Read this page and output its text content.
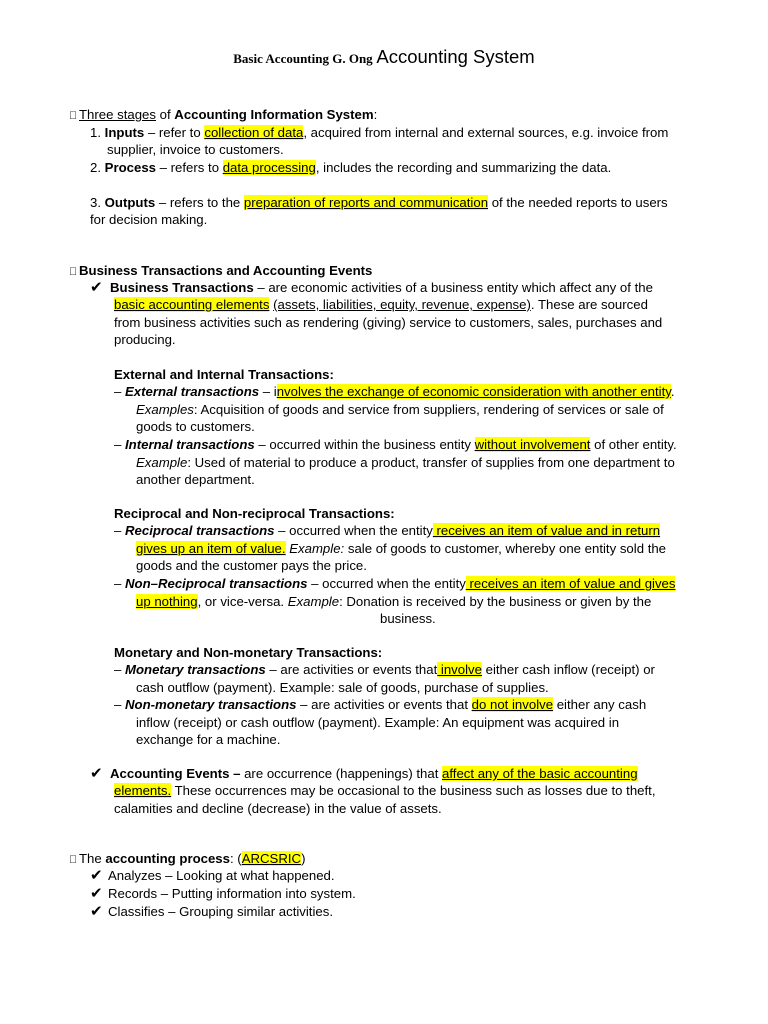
Basic Accounting G. Ong Accounting System
Three stages of Accounting Information System:
1. Inputs – refer to collection of data, acquired from internal and external sources, e.g. invoice from
supplier, invoice to customers.
2. Process – refers to data processing, includes the recording and summarizing the data.
3. Outputs – refers to the preparation of reports and communication of the needed reports to users
for decision making.
Business Transactions and Accounting Events
✔ Business Transactions – are economic activities of a business entity which affect any of the
basic accounting elements (assets, liabilities, equity, revenue, expense). These are sourced
from business activities such as rendering (giving) service to customers, sales, purchases and
producing.
External and Internal Transactions:
– External transactions – involves the exchange of economic consideration with another entity.
Examples: Acquisition of goods and service from suppliers, rendering of services or sale of
goods to customers.
– Internal transactions – occurred within the business entity without involvement of other entity.
Example: Used of material to produce a product, transfer of supplies from one department to
another department.
Reciprocal and Non-reciprocal Transactions:
– Reciprocal transactions – occurred when the entity receives an item of value and in return
gives up an item of value. Example: sale of goods to customer, whereby one entity sold the
goods and the customer pays the price.
– Non–Reciprocal transactions – occurred when the entity receives an item of value and gives
up nothing, or vice-versa. Example: Donation is received by the business or given by the
business.
Monetary and Non-monetary Transactions:
– Monetary transactions – are activities or events that involve either cash inflow (receipt) or
cash outflow (payment). Example: sale of goods, purchase of supplies.
– Non-monetary transactions – are activities or events that do not involve either any cash
inflow (receipt) or cash outflow (payment). Example: An equipment was acquired in
exchange for a machine.
✔ Accounting Events – are occurrence (happenings) that affect any of the basic accounting
elements. These occurrences may be occasional to the business such as losses due to theft,
calamities and decline (decrease) in the value of assets.
The accounting process: (ARCSRIC)
✔ Analyzes – Looking at what happened.
✔ Records – Putting information into system.
✔ Classifies – Grouping similar activities.
